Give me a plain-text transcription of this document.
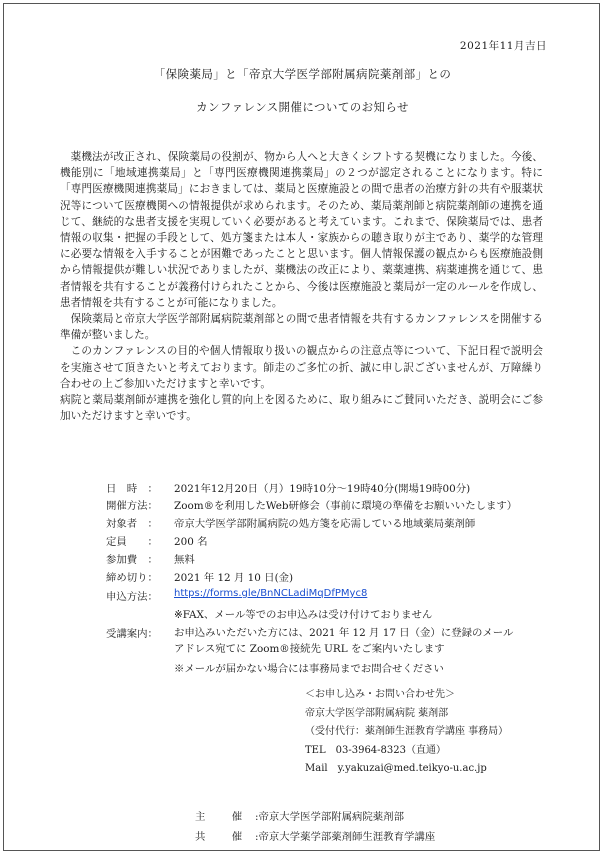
2021年11月吉日
「保険薬局」と「帝京大学医学部附属病院薬剤部」との
カンファレンス開催についてのお知らせ

薬機法が改正され、保険薬局の役割が、物から人へと大きくシフトする契機になりました。今後、機能別に「地域連携薬局」と「専門医療機関連携薬局」の２つが認定されることになります。特に「専門医療機関連携薬局」におきましては、薬局と医療施設との間で患者の治療方針の共有や服薬状況等について医療機関への情報提供が求められます。そのため、薬局薬剤師と病院薬剤師の連携を通じて、継続的な患者支援を実現していく必要があると考えています。これまで、保険薬局では、患者情報の収集・把握の手段として、処方箋または本人・家族からの聴き取りが主であり、薬学的な管理に必要な情報を入手することが困難であったことと思います。個人情報保護の観点からも医療施設側から情報提供が難しい状況でありましたが、薬機法の改正により、薬薬連携、病薬連携を通じて、患者情報を共有することが義務付けられたことから、今後は医療施設と薬局が一定のルールを作成し、患者情報を共有することが可能になりました。

保険薬局と帝京大学医学部附属病院薬剤部との間で患者情報を共有するカンファレンスを開催する準備が整いました。

このカンファレンスの目的や個人情報取り扱いの観点からの注意点等について、下記日程で説明会を実施させて頂きたいと考えております。師走のご多忙の折、誠に申し訳ございませんが、万障繰り合わせの上ご参加いただけますと幸いです。

病院と薬局薬剤師が連携を強化し質的向上を図るために、取り組みにご賛同いただき、説明会にご参加いただけますと幸いです。

日　時　：	2021年12月20日（月）19時10分〜19時40分(開場19時00分)
開催方法：	Zoom®を利用したWeb研修会（事前に環境の準備をお願いいたします）
対象者　：	帝京大学医学部附属病院の処方箋を応需している地域薬局薬剤師
定員　　：	200 名
参加費　：	無料
締め切り：	2021 年 12 月 10 日(金)
申込方法：	https://forms.gle/BnNCLadiMqDfPMyc8
※FAX、メール等でのお申込みは受け付けておりません
受講案内：	お申込みいただいた方には、2021 年 12 月 17 日（金）に登録のメールアドレス宛てに Zoom®接続先 URL をご案内いたします
※メールが届かない場合には事務局までお問合せください
＜お申し込み・お問い合わせ先＞
帝京大学医学部附属病院 薬剤部
（受付代行：薬剤師生涯教育学講座 事務局）
TEL　03-3964-8323（直通）
Mail　y.yakuzai@med.teikyo-u.ac.jp
主　催 :帝京大学医学部附属病院薬剤部
共　催 :帝京大学薬学部薬剤師生涯教育学講座
